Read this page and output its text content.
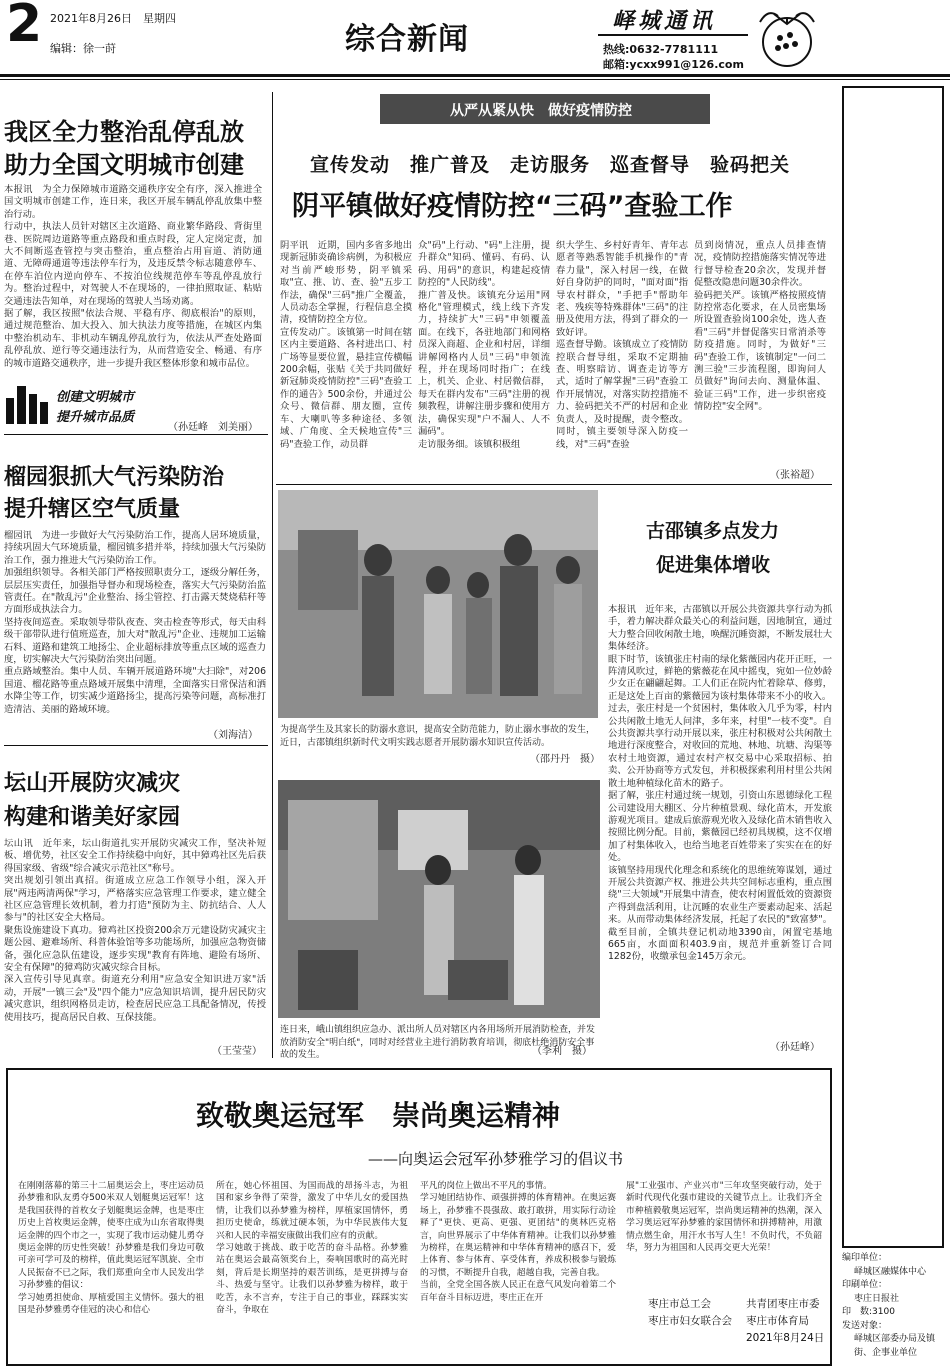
2 2021年8月26日　星期四
编辑：徐一莳	综合新闻
峄城通讯
热线:0632-7781111
邮箱:ycxx991@126.com
我区全力整治乱停乱放
助力全国文明城市创建
本报讯　为全力保障城市道路交通秩序安全有序，深入推进全国文明城市创建工作，连日来，我区开展车辆乱停乱放集中整治行动。
行动中，执法人员针对辖区主次道路、商业繁华路段、背街里巷、医院周边道路等重点路段和重点时段，定人定岗定责，加大不间断巡查管控与突击整治，重点整治占用盲道、消防通道、无障碍通道等违法停车行为，及违反禁令标志随意停车、在停车泊位内逆向停车、不按泊位线规范停车等乱停乱放行为。整治过程中，对驾驶人不在现场的，一律拍照取证、粘贴交通违法告知单，对在现场的驾驶人当场劝离。
据了解，我区按照"依法合规、平稳有序、彻底根治"的原则，通过规范整治、加大投入、加大执法力度等措施，在城区内集中整治机动车、非机动车辆乱停乱放行为，依法从严查处路面乱停乱放、逆行等交通违法行为，从而营造安全、畅通、有序的城市道路交通秩序，进一步提升我区整体形象和城市品位。
创建文明城市
提升城市品质
（孙廷峰　刘美丽）
榴园狠抓大气污染防治
提升辖区空气质量
榴园讯　为进一步做好大气污染防治工作，提高人居环境质量，持续巩固大气环境质量，榴园镇多措并举，持续加强大气污染防治工作，强力推进大气污染防治工作。
加强组织领导。各相关部门严格按照职责分工，逐级分解任务，层层压实责任，加强指导督办和现场检查，落实大气污染防治监管责任。在"散乱污"企业整治、扬尘管控、打击露天焚烧秸秆等方面形成执法合力。
坚持夜间巡查。采取领导带队夜查、突击检查等形式，每天由科级干部带队进行值班巡查，加大对"散乱污"企业、违规加工运输石料、道路和建筑工地扬尘、企业超标排放等重点区域的巡查力度，切实解决大气污染防治突出问题。
重点路域整治。集中人员、车辆开展道路环境"大扫除"，对206国道、榴花路等重点路域开展集中清理，全面落实日常保洁和洒水降尘等工作，切实减少道路扬尘，提高污染等问题，高标准打造清洁、美丽的路域环境。
（刘海洁）
坛山开展防灾减灾
构建和谐美好家园
坛山讯　近年来，坛山街道扎实开展防灾减灾工作，坚决补短板、增优势，社区安全工作持续稳中向好，其中獐鸡社区先后获得国家级、省级"综合减灾示范社区"称号。
突出规划引领出真招。街道成立应急工作领导小组，深入开展"两违两清两保"学习，严格落实应急管理工作要求，建立健全社区应急管理长效机制，着力打造"预防为主、防抗结合、人人参与"的社区安全大格局。
聚焦设施建设下真功。獐鸡社区投资200余万元建设防灾减灾主题公园、避难场所、科普体验馆等多功能场所，加强应急物资储备，强化应急队伍建设，逐步实现"教育有阵地、避险有场所、安全有保障"的獐鸡防灾减灾综合目标。
深入宣传引导见真章。街道充分利用"应急安全知识进万家"活动，开展"一镇三会"及"四个能力"应急知识培训，提升居民防灾减灾意识，组织网格员走访，检查居民应急工具配备情况，传授使用技巧，提高居民自救、互保技能。
（王莹莹）
从严从紧从快　做好疫情防控
宣传发动　推广普及　走访服务　巡查督导　验码把关
阴平镇做好疫情防控“三码”查验工作
阴平讯　近期，国内多省多地出现新冠肺炎确诊病例，为积极应对当前严峻形势，阴平镇采取"宣、推、访、查、验"五步工作法，确保"三码"推广全覆盖，人员动态全掌握，行程信息全摸清，疫情防控全方位。
宣传发动广。该镇第一时间在辖区内主要道路、各村进出口、村广场等显要位置，悬挂宣传横幅200余幅，张贴《关于共同做好新冠肺炎疫情防控"三码"查验工作的通告》500余份，并通过公众号、微信群、朋友圈，宣传车、大喇叭等多种途径、多领域、广角度、全天候地宣传"三码"查验工作，动员群
众"码"上行动、"码"上注册，提升群众"知码、懂码、有码、认码、用码"的意识，构建起疫情防控的"人民防线"。
推广普及快。该镇充分运用"网格化"管理模式，线上线下齐发力，持续扩大"三码"申领覆盖面。在线下，各驻地部门和网格员深入商超、企业和村居，详细讲解网格内人员"三码"申领流程，并在现场同时指广；在线上，机关、企业、村居微信群，每天在群内发布"三码"注册的视频教程，讲解注册步骤和使用方法，确保实现"户不漏人、人不漏码"。
走访服务细。该镇积极组
织大学生、乡村好青年、青年志愿者等熟悉智能手机操作的"青春力量"，深入村居一线，在做好自身防护的同时，"面对面"指导农村群众，"手把手"帮助年老、残疾等特殊群体"三码"的注册及使用方法，得到了群众的一致好评。
巡查督导勤。该镇成立了疫情防控联合督导组，采取不定期抽查、明察暗访、调查走访等方式，适时了解掌握"三码"查验工作开展情况，对落实防控措施不力、验码把关不严的村居和企业负责人，及时提醒，责令整改。同时，镇主要领导深入防疫一线，对"三码"查验
员到岗情况，重点人员排查情况，疫情防控措施落实情况等进行督导检查20余次，发现并督促整改隐患问题30余件次。
验码把关严。该镇严格按照疫情防控常态化要求，在人员密集场所设置查验岗100余处，选人查看"三码"并督促落实日常消杀等防疫措施。同时，为做好"三码"查验工作，该镇制定"一问二测三验"三步流程图，即询问人员做好"询问去向、测量体温、验证三码"工作，进一步织密疫情防控"安全网"。
（张裕超）
为提高学生及其家长的防溺水意识，提高安全防范能力，防止溺水事故的发生，近日，古邵镇组织新时代文明实践志愿者开展防溺水知识宣传活动。
（邵丹丹　摄）
连日来，峨山镇组织应急办、派出所人员对辖区内各用场所开展消防检查，并发放消防安全"明白纸"，同时对经营业主进行消防教育培训，彻底杜绝消防安全事故的发生。	（李利　摄）
古邵镇多点发力
促进集体增收
本报讯　近年来，古邵镇以开展公共资源共享行动为抓手，着力解决群众最关心的利益问题，因地制宜，通过大力整合回收闲散土地，唤醒沉睡资源，不断发展壮大集体经济。
眼下时节，该镇张庄村南的绿化紫薇园内花开正旺，一阵清风吹过，鲜艳的紫薇花在风中摇曳，宛如一位妙龄少女正在翩翩起舞。工人们正在院内忙着除草、修剪，正是这处上百亩的紫薇园为该村集体带来不小的收入。
过去，张庄村是一个贫困村，集体收入几乎为零，村内公共闲散土地无人问津，多年来，村里"一枝不变"。自公共资源共享行动开展以来，张庄村积极对公共闲散土地进行深度整合，对收回的荒地、林地、坑塘、沟渠等农村土地资源，通过农村产权交易中心采取招标、拍卖、公开协商等方式发包，并积极探索利用村里公共闲散土地种植绿化苗木的路子。
据了解，张庄村通过统一规划，引资山东恩德绿化工程公司建设用大棚区、分片种植景观、绿化苗木，开发旅游观光项目。建成后旅游观光收入及绿化苗木销售收入按照比例分配。目前，紫薇园已经初具规模，这不仅增加了村集体收入，也给当地老百姓带来了实实在在的好处。
该镇坚持用现代化理念和系统化的思维统筹谋划，通过开展公共资源产权、推进公共共空间标志重构，重点围绕"三大领域"开展集中清查，使农村闲置低效的资源资产得到盘活利用，让沉睡的农业生产要素动起来、活起来。从而带动集体经济发展，托起了农民的"致富梦"。截至目前，全镇共登记机动地3390亩，闲置宅基地665亩，水面面积403.9亩，规范并重新签订合同1282份，收缴承包金145万余元。
（孙廷峰）
致敬奥运冠军　崇尚奥运精神
——向奥运会冠军孙梦雅学习的倡议书
在刚刚落幕的第三十二届奥运会上，枣庄运动员孙梦雅和队友勇夺500米双人划艇奥运冠军！这是我国获得的首枚女子划艇奥运金牌，也是枣庄历史上首枚奥运金牌，使枣庄成为山东省取得奥运金牌的四个市之一，实现了我市运动健儿勇夺奥运金牌的历史性突破！孙梦雅是我们身边可敬可亲可学可及的榜样，值此奥运冠军凯旋、全市人民振奋不已之际，我们郑重向全市人民发出学习孙梦雅的倡议：
学习她勇担使命、厚植爱国主义情怀。强大的祖国是孙梦雅勇夺佳冠的决心和信心
所在，她心怀祖国、为国而战的昂扬斗志，为祖国和家乡争得了荣誉，激发了中华儿女的爱国热情，让我们以孙梦雅为榜样，厚植家国情怀，勇担历史使命，练就过硬本领，为中华民族伟大复兴和人民的幸福安康做出我们应有的贡献。
学习她敢于挑战、敢于吃苦的奋斗品格。孙梦雅站在奥运会最高领奖台上，奏响国歌时的高光时刻，背后是长期坚持的艰苦训练，是更拼搏与奋斗、热爱与坚守。让我们以孙梦雅为榜样，敢于吃苦，永不言弃，专注于自己的事业，踩踩实实奋斗，争取在
平凡的岗位上做出不平凡的事情。
学习她团结协作、顽强拼搏的体育精神。在奥运赛场上，孙梦雅不畏强敌、敢打敢拼，用实际行动诠释了"更快、更高、更强、更团结"的奥林匹克格言，向世界展示了中华体育精神。让我们以孙梦雅为榜样，在奥运精神和中华体育精神的感召下，爱上体育、参与体育、享受体育，养成积极参与锻炼的习惯，不断提升自我，超越自我，完善自我。
当前，全党全国各族人民正在意气风发向着第二个百年奋斗目标迈进，枣庄正在开
展"工业强市、产业兴市"三年攻坚突破行动，处于新时代现代化强市建设的关键节点上。让我们齐全市种植毅敬奥运冠军，崇尚奥运精神的热潮，深入学习奥运冠军孙梦雅的家国情怀和拼搏精神，用激情点燃生命，用汗水书写人生！不负时代，不负韶华，努力为祖国和人民再交更大光荣！
枣庄市总工会
枣庄市妇女联合会
共青团枣庄市委
枣庄市体育局
2021年8月24日
编印单位：
峄城区融媒体中心
印刷单位：
枣庄日报社
印　数:3100
发送对象：
峄城区部委办局及镇街、企事业单位
